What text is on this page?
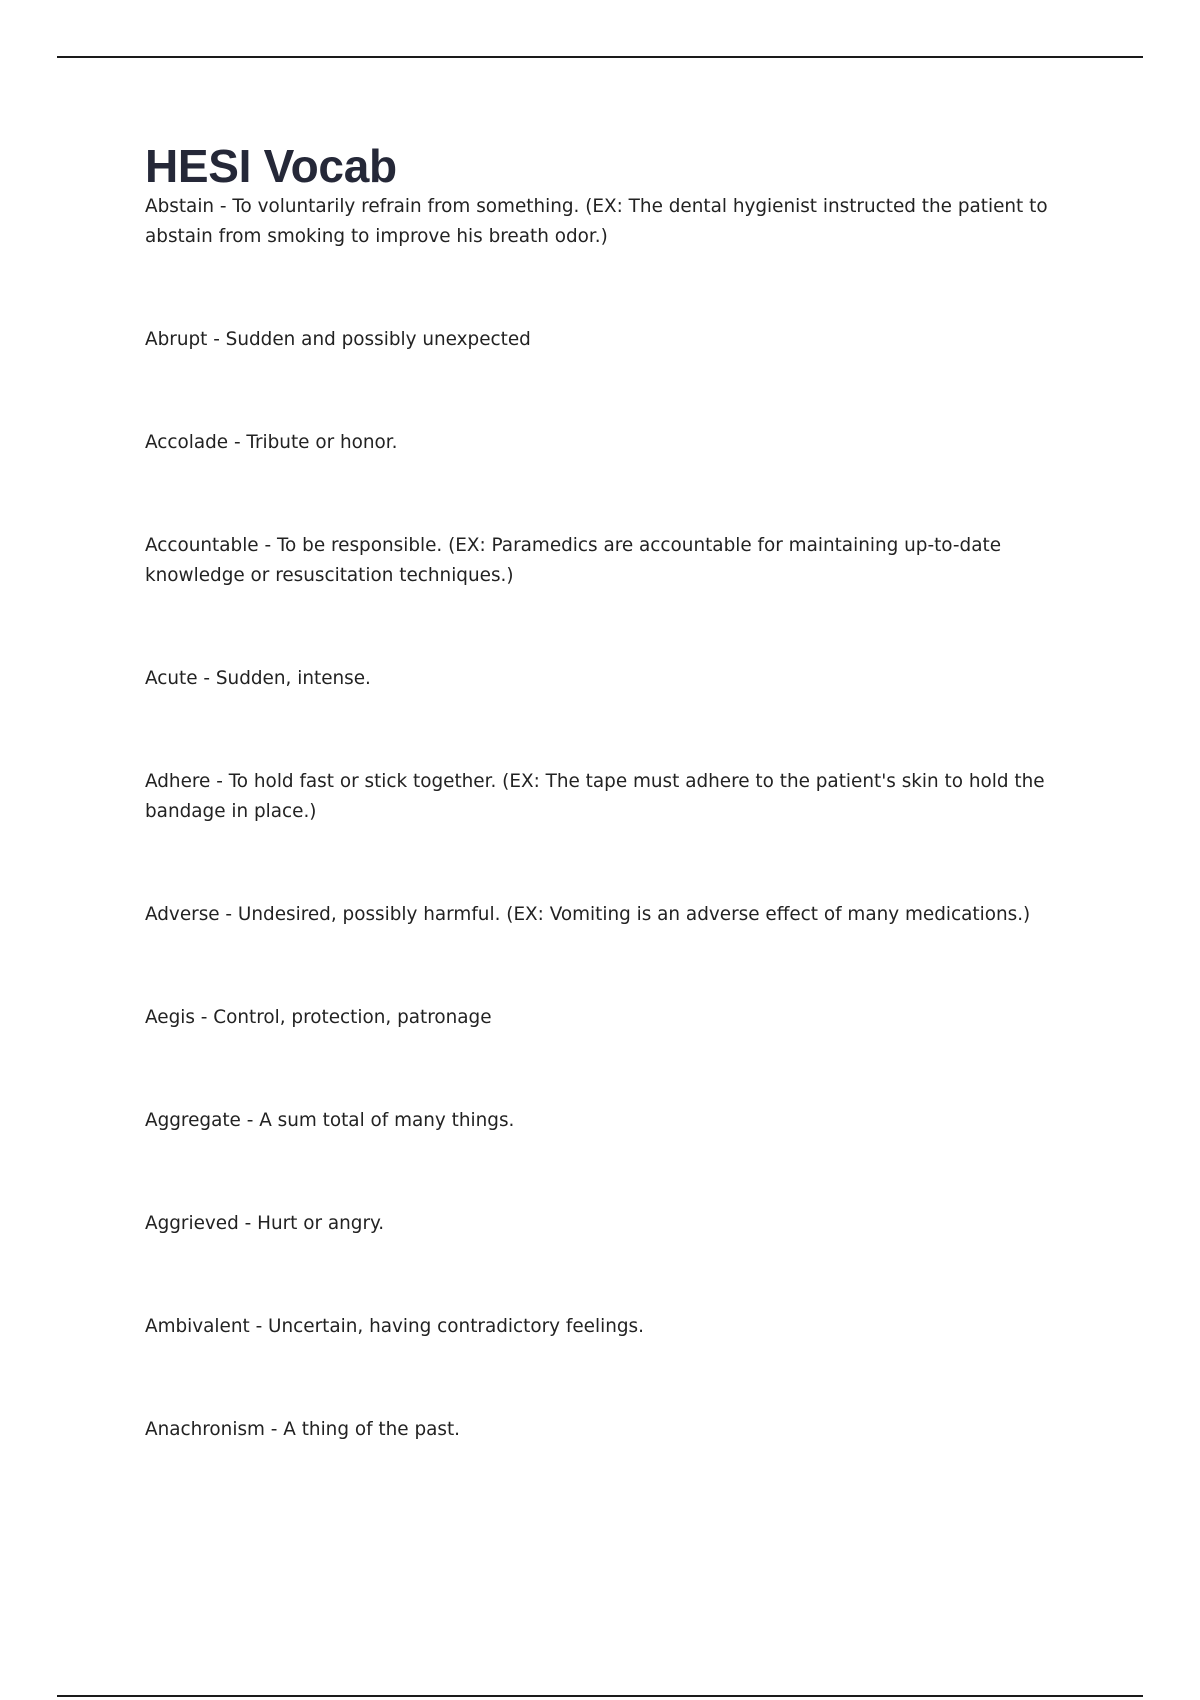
HESI Vocab
Abstain - To voluntarily refrain from something. (EX: The dental hygienist instructed the patient to abstain from smoking to improve his breath odor.)
Abrupt - Sudden and possibly unexpected
Accolade - Tribute or honor.
Accountable - To be responsible. (EX: Paramedics are accountable for maintaining up-to-date knowledge or resuscitation techniques.)
Acute - Sudden, intense.
Adhere - To hold fast or stick together. (EX: The tape must adhere to the patient's skin to hold the bandage in place.)
Adverse - Undesired, possibly harmful. (EX: Vomiting is an adverse effect of many medications.)
Aegis - Control, protection, patronage
Aggregate - A sum total of many things.
Aggrieved - Hurt or angry.
Ambivalent - Uncertain, having contradictory feelings.
Anachronism - A thing of the past.
